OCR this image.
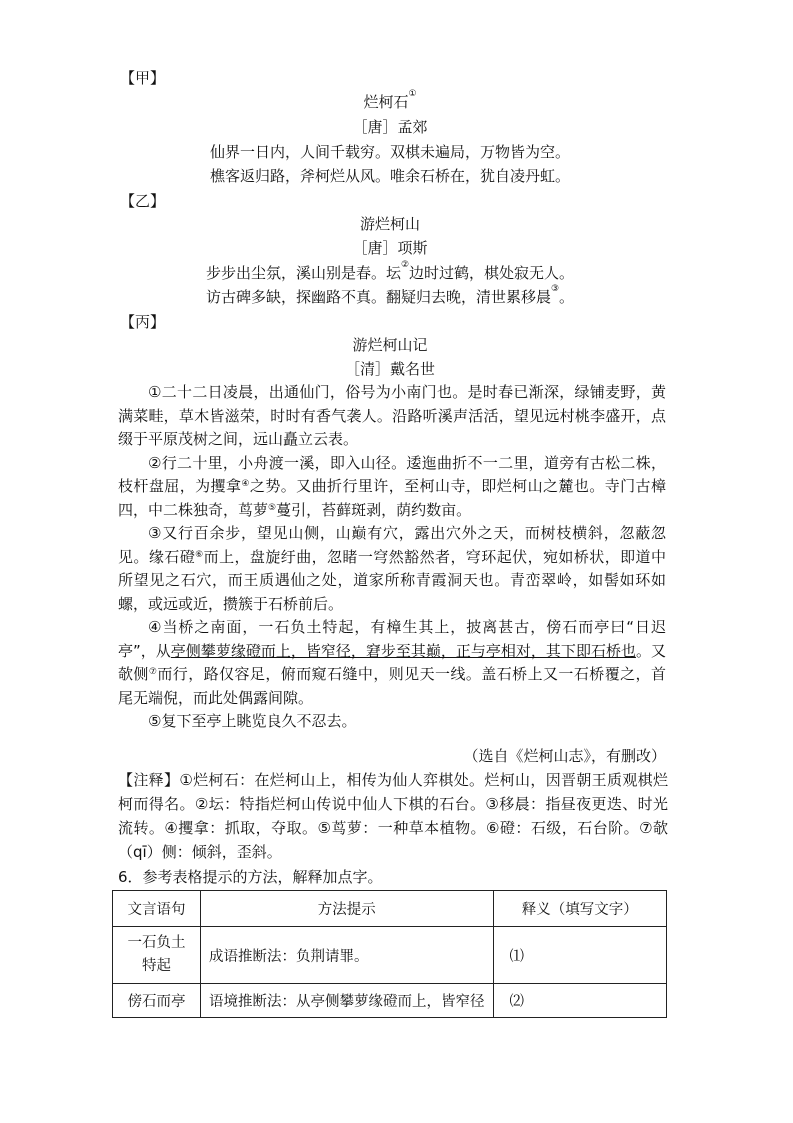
【甲】
烂柯石①
［唐］孟郊
仙界一日内，人间千载穷。双棋未遍局，万物皆为空。
樵客返归路，斧柯烂从风。唯余石桥在，犹自凌丹虹。
【乙】
游烂柯山
［唐］项斯
步步出尘氛，溪山别是春。坛②边时过鹤，棋处寂无人。
访古碑多缺，探幽路不真。翻疑归去晚，清世累移晨③。
【丙】
游烂柯山记
［清］戴名世

①二十二日凌晨，出通仙门，俗号为小南门也。是时春已渐深，绿铺麦野，黄满菜畦，草木皆滋荣，时时有香气袭人。沿路听溪声活活，望见远村桃李盛开，点缀于平原茂树之间，远山矗立云表。

②行二十里，小舟渡一溪，即入山径。逶迤曲折不一二里，道旁有古松二株，枝杆盘屈，为攫拿④之势。又曲折行里许，至柯山寺，即烂柯山之麓也。寺门古樟四，中二株独奇，茑萝⑤蔓引，苔藓斑剥，荫约数亩。

③又行百余步，望见山侧，山巅有穴，露出穴外之天，而树枝横斜，忽蔽忽见。缘石磴⑥而上，盘旋纡曲，忽睹一穹然豁然者，穹环起伏，宛如桥状，即道中所望见之石穴，而王质遇仙之处，道家所称青霞洞天也。青峦翠岭，如髻如环如螺，或远或近，攒簇于石桥前后。

④当桥之南面，一石负土特起，有樟生其上，披离甚古，傍石而亭曰“日迟亭”，从亭侧攀萝缘磴而上，皆窄径，窘步至其巅，正与亭相对，其下即石桥也。又欹侧⑦而行，路仅容足，俯而窥石缝中，则见天一线。盖石桥上又一石桥覆之，首尾无端倪，而此处偶露间隙。

⑤复下至亭上眺览良久不忍去。

（选自《烂柯山志》，有删改）
【注释】①烂柯石：在烂柯山上，相传为仙人弈棋处。烂柯山，因晋朝王质观棋烂柯而得名。②坛：特指烂柯山传说中仙人下棋的石台。③移晨：指昼夜更迭、时光流转。④攫拿：抓取，夺取。⑤茑萝：一种草本植物。⑥磴：石级，石台阶。⑦欹（qī）侧：倾斜，歪斜。
6．参考表格提示的方法，解释加点字。
文言语句	方法提示	释义（填写文字）
一石负土特起	成语推断法：负荆请罪。	⑴
傍石而亭	语境推断法：从亭侧攀萝缘磴而上，皆窄径	⑵
